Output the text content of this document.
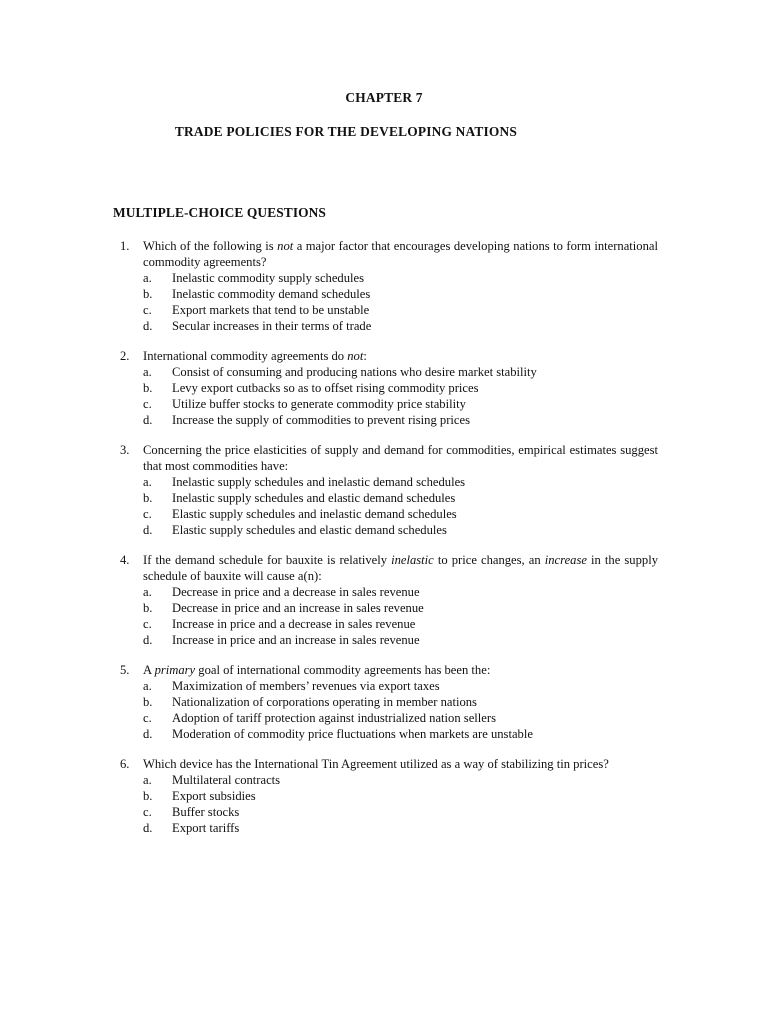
CHAPTER 7
TRADE POLICIES FOR THE DEVELOPING NATIONS
MULTIPLE-CHOICE QUESTIONS
1. Which of the following is not a major factor that encourages developing nations to form international commodity agreements?
a. Inelastic commodity supply schedules
b. Inelastic commodity demand schedules
c. Export markets that tend to be unstable
d. Secular increases in their terms of trade
2. International commodity agreements do not:
a. Consist of consuming and producing nations who desire market stability
b. Levy export cutbacks so as to offset rising commodity prices
c. Utilize buffer stocks to generate commodity price stability
d. Increase the supply of commodities to prevent rising prices
3. Concerning the price elasticities of supply and demand for commodities, empirical estimates suggest that most commodities have:
a. Inelastic supply schedules and inelastic demand schedules
b. Inelastic supply schedules and elastic demand schedules
c. Elastic supply schedules and inelastic demand schedules
d. Elastic supply schedules and elastic demand schedules
4. If the demand schedule for bauxite is relatively inelastic to price changes, an increase in the supply schedule of bauxite will cause a(n):
a. Decrease in price and a decrease in sales revenue
b. Decrease in price and an increase in sales revenue
c. Increase in price and a decrease in sales revenue
d. Increase in price and an increase in sales revenue
5. A primary goal of international commodity agreements has been the:
a. Maximization of members’ revenues via export taxes
b. Nationalization of corporations operating in member nations
c. Adoption of tariff protection against industrialized nation sellers
d. Moderation of commodity price fluctuations when markets are unstable
6. Which device has the International Tin Agreement utilized as a way of stabilizing tin prices?
a. Multilateral contracts
b. Export subsidies
c. Buffer stocks
d. Export tariffs
